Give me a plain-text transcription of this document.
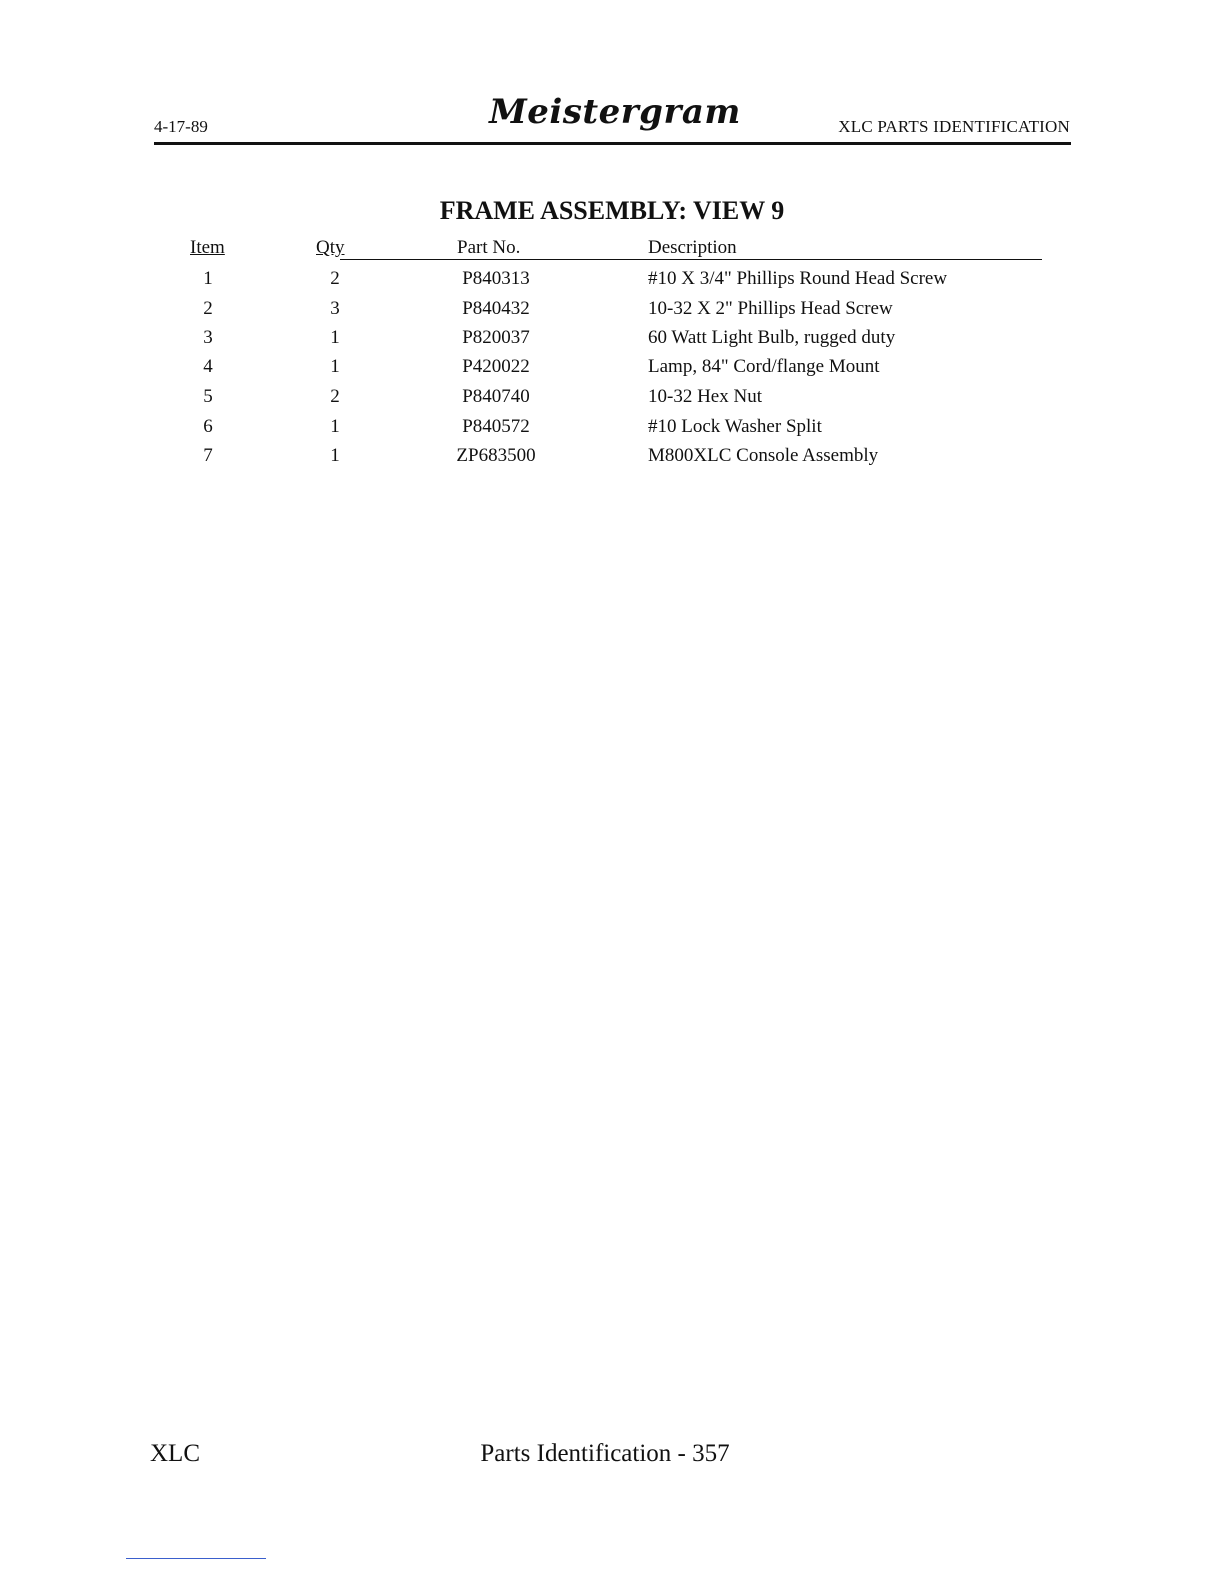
4-17-89	Meistergram	XLC PARTS IDENTIFICATION
FRAME ASSEMBLY: VIEW 9
Item	Qty	Part No.	Description
1	2	P840313	#10 X 3/4" Phillips Round Head Screw
2	3	P840432	10-32 X 2" Phillips Head Screw
3	1	P820037	60 Watt Light Bulb, rugged duty
4	1	P420022	Lamp, 84" Cord/flange Mount
5	2	P840740	10-32 Hex Nut
6	1	P840572	#10 Lock Washer Split
7	1	ZP683500	M800XLC Console Assembly
XLC	Parts Identification - 357
